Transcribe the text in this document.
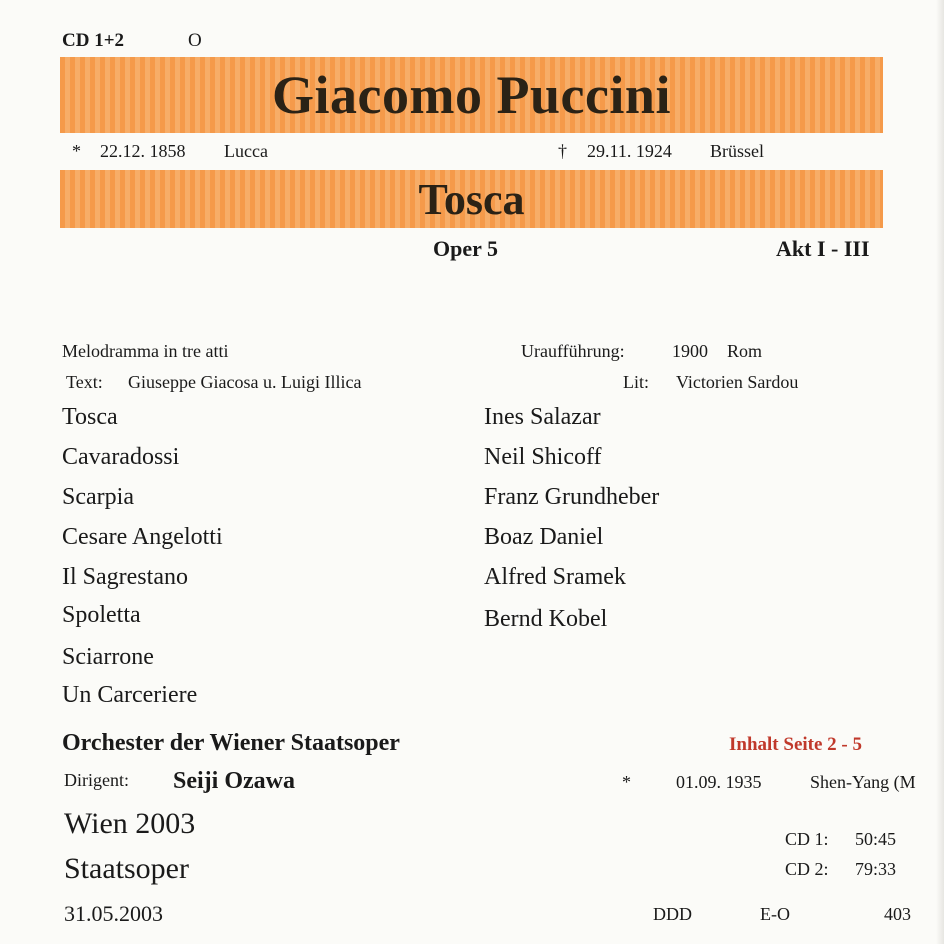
CD 1+2	O
Giacomo Puccini
* 22.12. 1858 Lucca	† 29.11. 1924 Brüssel
Tosca
Oper 5	Akt I - III
Melodramma in tre atti	Uraufführung:	1900 Rom
Text: Giuseppe Giacosa u. Luigi Illica	Lit: Victorien Sardou
Tosca	Ines Salazar
Cavaradossi	Neil Shicoff
Scarpia	Franz Grundheber
Cesare Angelotti	Boaz Daniel
Il Sagrestano	Alfred Sramek
Spoletta	Bernd Kobel
Sciarrone
Un Carceriere
Orchester der Wiener Staatsoper	Inhalt Seite 2 - 5
Dirigent: Seiji Ozawa	*	01.09. 1935	Shen-Yang (M
Wien 2003
Staatsoper
31.05.2003
CD 1: 50:45
CD 2: 79:33
DDD	E-O	403
